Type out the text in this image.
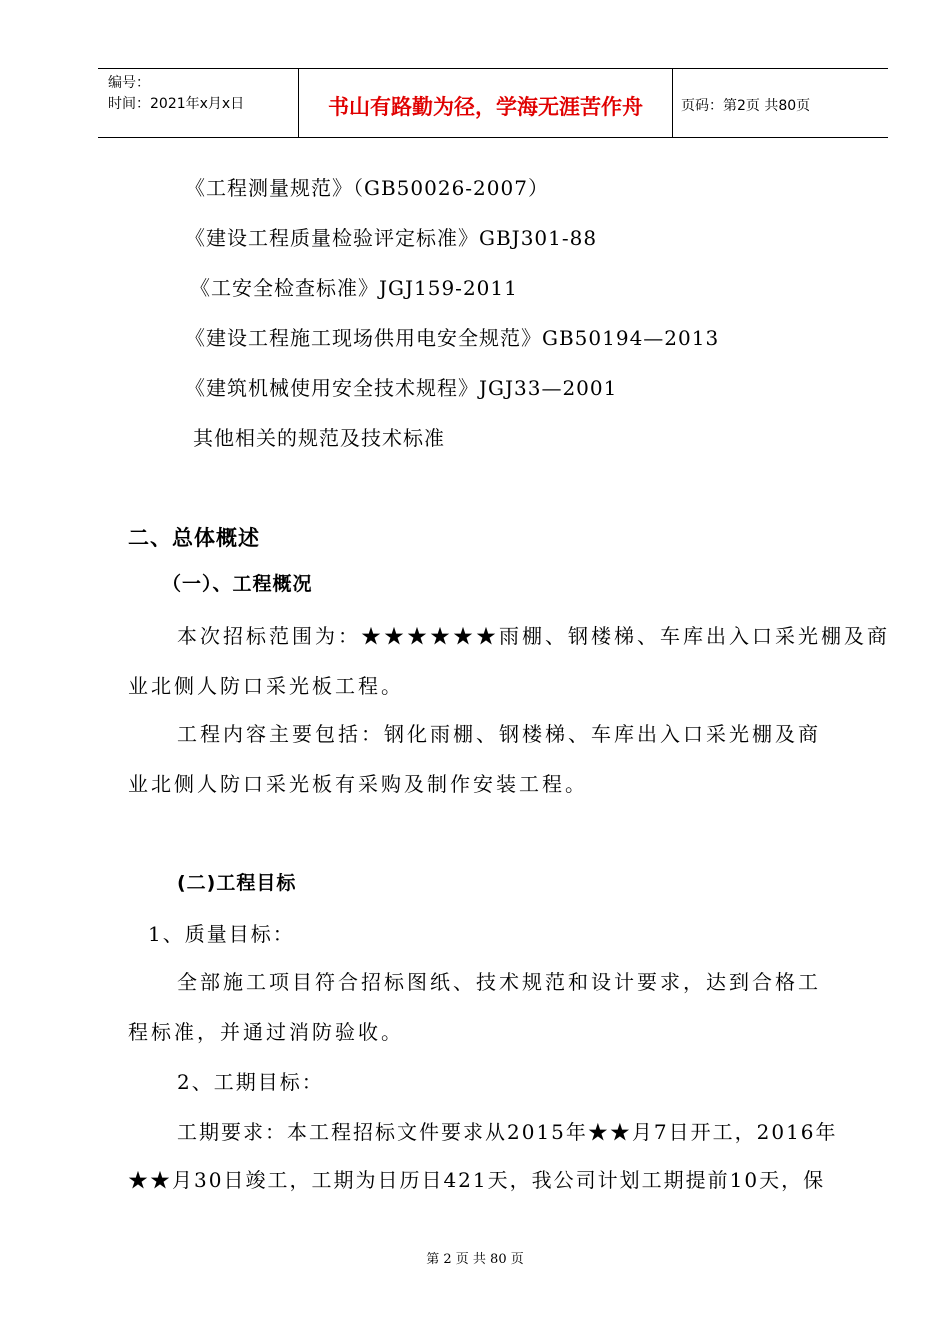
编号：
时间：2021年x月x日	书山有路勤为径，学海无涯苦作舟	页码：第2页 共80页
《工程测量规范》（GB50026-2007）
《建设工程质量检验评定标准》GBJ301-88
《工安全检查标准》JGJ159-2011
《建设工程施工现场供用电安全规范》GB50194—2013
《建筑机械使用安全技术规程》JGJ33—2001
其他相关的规范及技术标准
二、总体概述
（一）、工程概况
本次招标范围为：★★★★★★雨棚、钢楼梯、车库出入口采光棚及商
业北侧人防口采光板工程。
工程内容主要包括：钢化雨棚、钢楼梯、车库出入口采光棚及商
业北侧人防口采光板有采购及制作安装工程。
(二)工程目标
1、质量目标：
全部施工项目符合招标图纸、技术规范和设计要求，达到合格工
程标准，并通过消防验收。
2、工期目标：
工期要求：本工程招标文件要求从2015年★★月7日开工，2016年
★★月30日竣工，工期为日历日421天，我公司计划工期提前10天，保
第 2 页 共 80 页
